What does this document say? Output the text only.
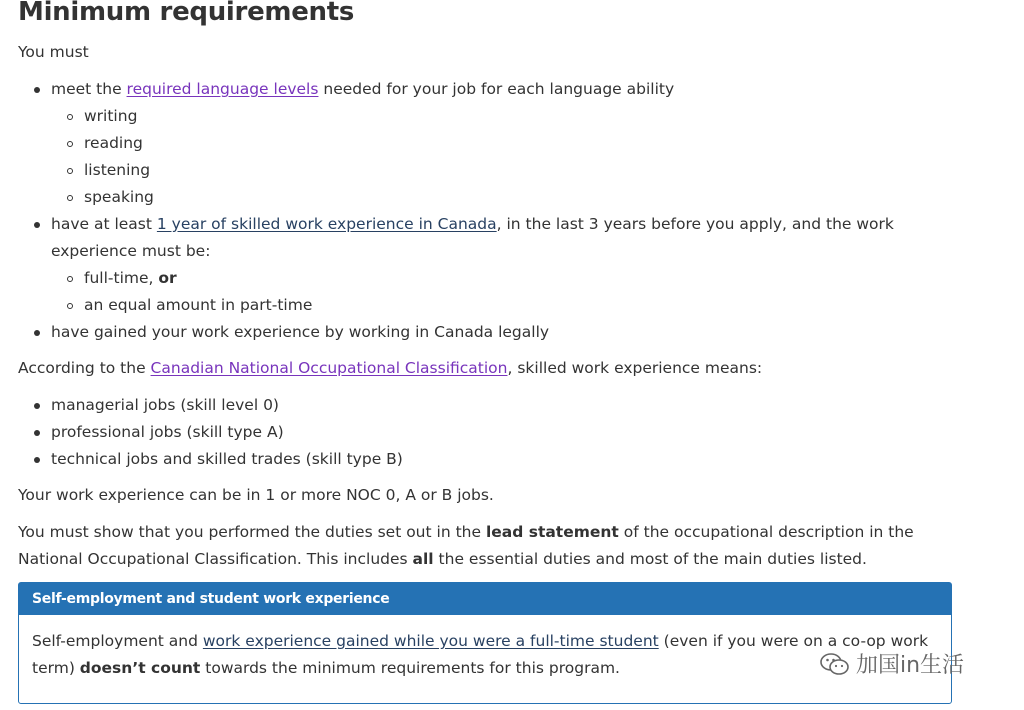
Minimum requirements
You must
meet the required language levels needed for your job for each language ability
writing
reading
listening
speaking
have at least 1 year of skilled work experience in Canada, in the last 3 years before you apply, and the work
experience must be:
full-time, or
an equal amount in part-time
have gained your work experience by working in Canada legally
According to the Canadian National Occupational Classification, skilled work experience means:
managerial jobs (skill level 0)
professional jobs (skill type A)
technical jobs and skilled trades (skill type B)
Your work experience can be in 1 or more NOC 0, A or B jobs.
You must show that you performed the duties set out in the lead statement of the occupational description in the
National Occupational Classification. This includes all the essential duties and most of the main duties listed.
Self-employment and student work experience
Self-employment and work experience gained while you were a full-time student (even if you were on a co-op work
term) doesn’t count towards the minimum requirements for this program.	加国in生活
